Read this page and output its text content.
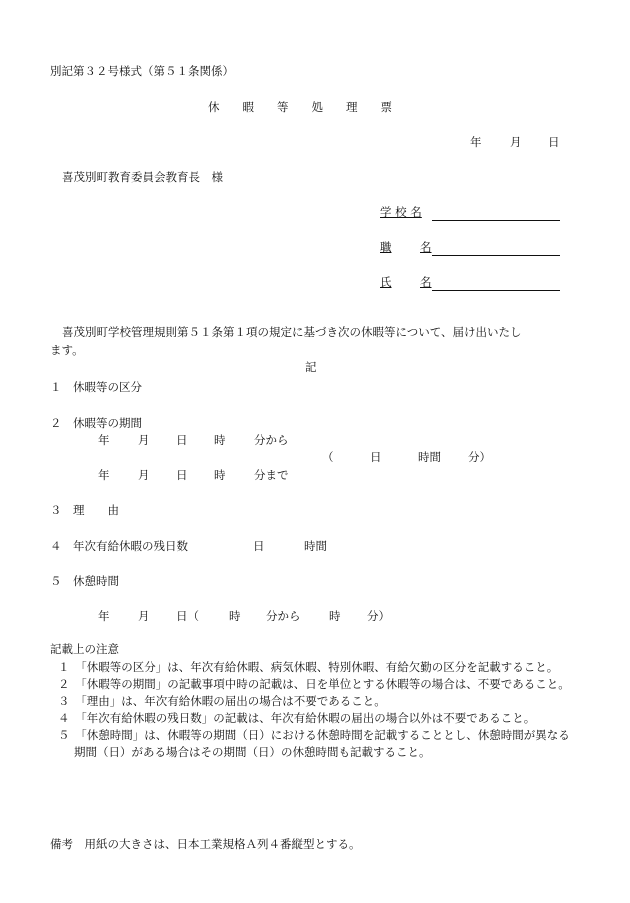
別記第３２号様式（第５１条関係）
休　　暇　　等　　処　　理　　票
年 月 日
喜茂別町教育委員会教育長　様
学 校 名
職 名
氏 名
喜茂別町学校管理規則第５１条第１項の規定に基づき次の休暇等について、届け出いたし
ます。
記
１　休暇等の区分
２　休暇等の期間
年 月 日 時 分から
（	日	時間 分）
年 月 日 時 分まで
３　理　　由
４　年次有給休暇の残日数	日	時間
５　休憩時間
年 月 日（	時 分から 時 分）
記載上の注意
１　「休暇等の区分」は、年次有給休暇、病気休暇、特別休暇、有給欠勤の区分を記載すること。
２　「休暇等の期間」の記載事項中時の記載は、日を単位とする休暇等の場合は、不要であること。
３　「理由」は、年次有給休暇の届出の場合は不要であること。
４　「年次有給休暇の残日数」の記載は、年次有給休暇の届出の場合以外は不要であること。
５　「休憩時間」は、休暇等の期間（日）における休憩時間を記載することとし、休憩時間が異なる期間（日）がある場合はその期間（日）の休憩時間も記載すること。
備考　用紙の大きさは、日本工業規格Ａ列４番縦型とする。
